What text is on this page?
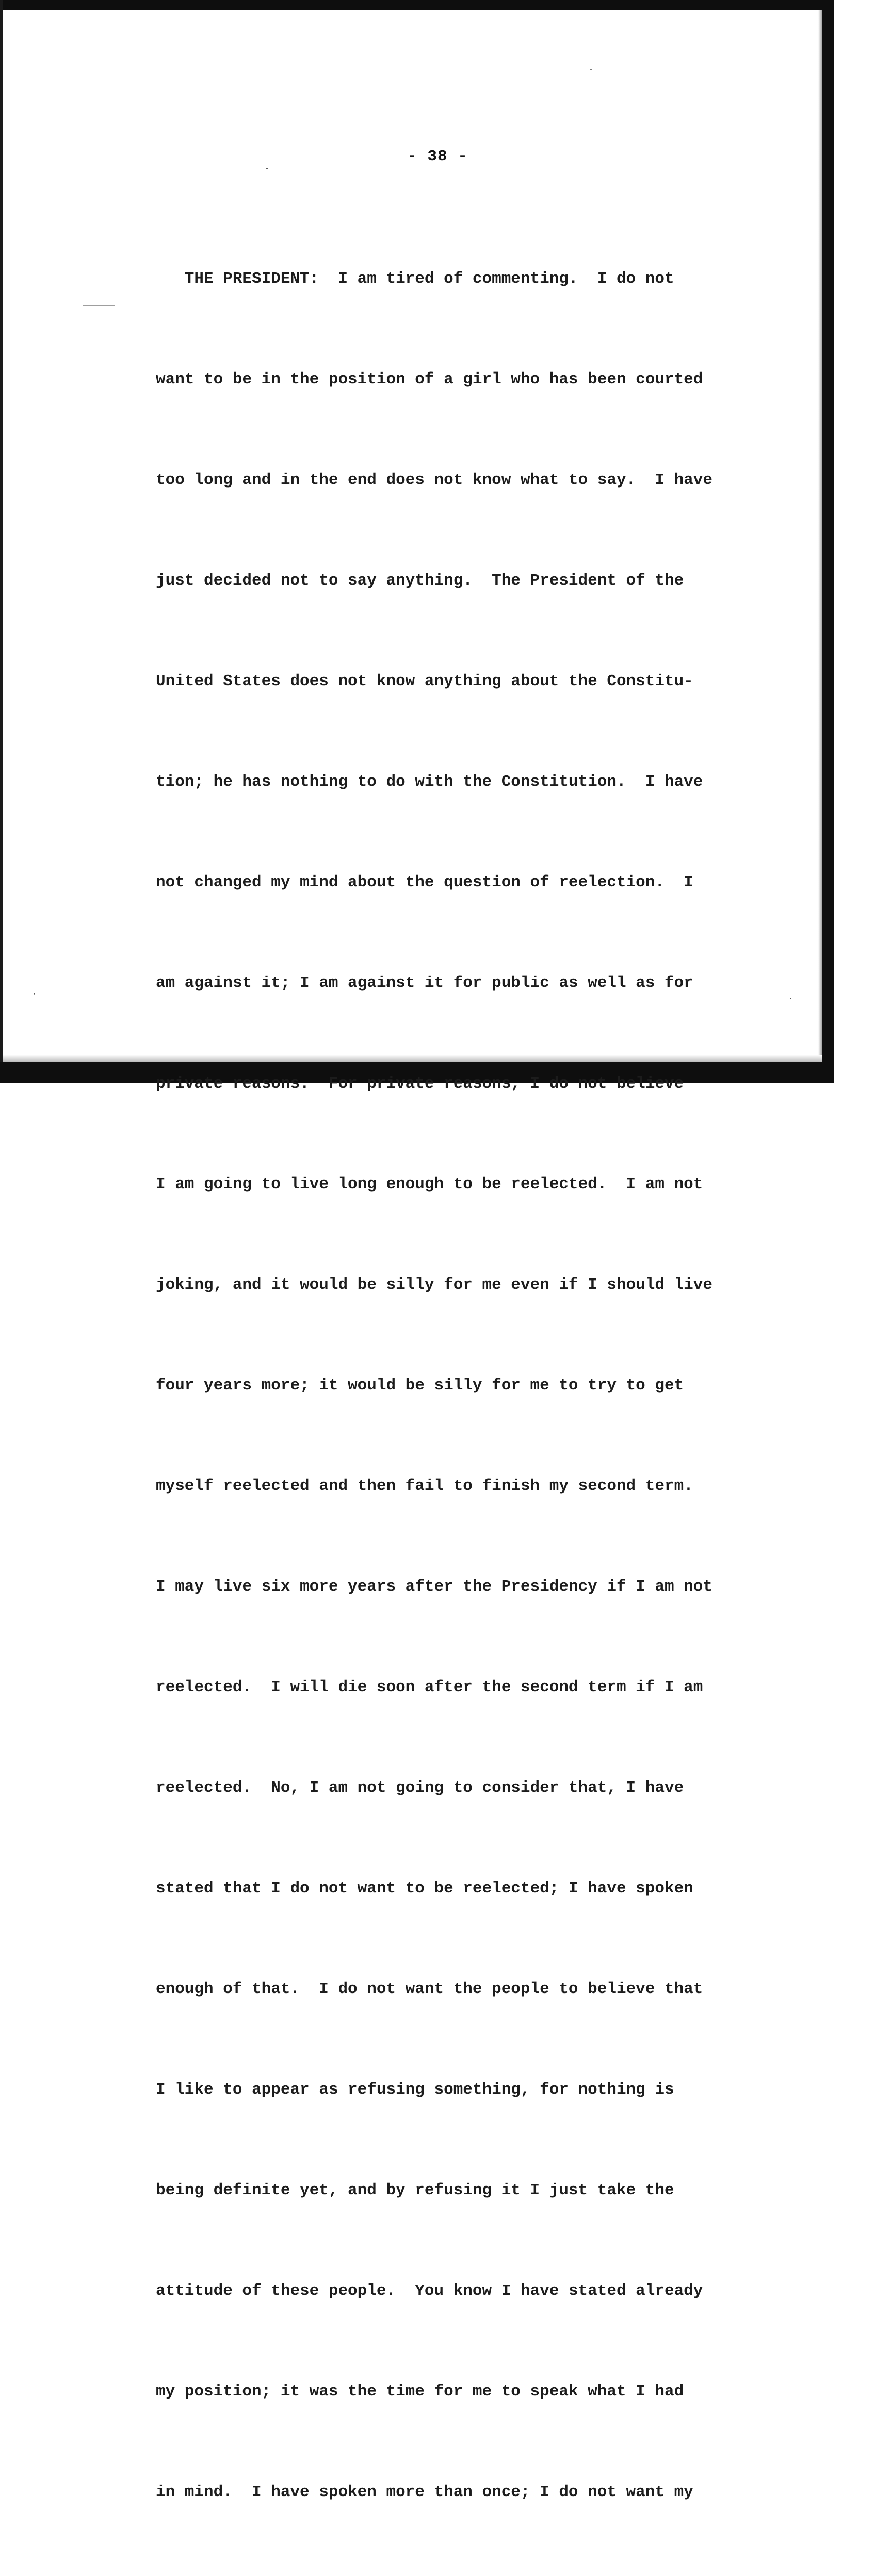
- 38 -

THE PRESIDENT:  I am tired of commenting.  I do not

want to be in the position of a girl who has been courted

too long and in the end does not know what to say.  I have

just decided not to say anything.  The President of the

United States does not know anything about the Constitu-

tion; he has nothing to do with the Constitution.  I have

not changed my mind about the question of reelection.  I

am against it; I am against it for public as well as for

private reasons.  For private reasons, I do not believe

I am going to live long enough to be reelected.  I am not

joking, and it would be silly for me even if I should live

four years more; it would be silly for me to try to get

myself reelected and then fail to finish my second term.

I may live six more years after the Presidency if I am not

reelected.  I will die soon after the second term if I am

reelected.  No, I am not going to consider that, I have

stated that I do not want to be reelected; I have spoken

enough of that.  I do not want the people to believe that

I like to appear as refusing something, for nothing is

being definite yet, and by refusing it I just take the

attitude of these people.  You know I have stated already

my position; it was the time for me to speak what I had

in mind.  I have spoken more than once; I do not want my
